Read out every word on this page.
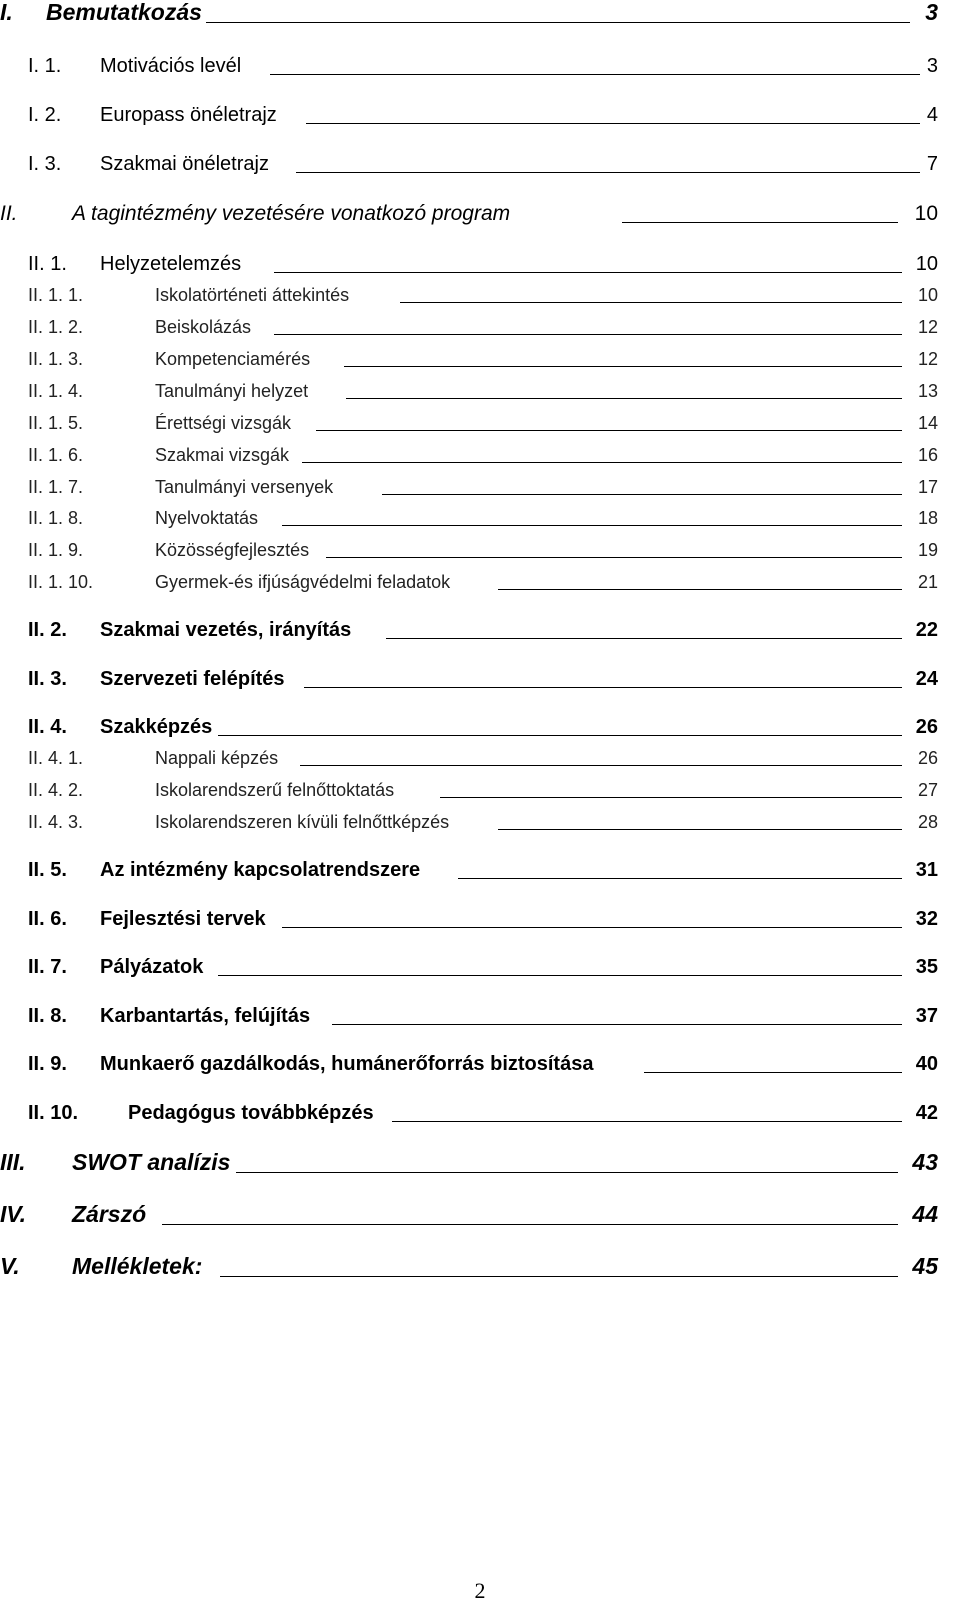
I. Bemutatkozás	3
I. 1. Motivációs levél	3
I. 2. Europass önéletrajz	4
I. 3. Szakmai önéletrajz	7
II.	A tagintézmény vezetésére vonatkozó program	10
II. 1. Helyzetelemzés	10
II. 1. 1.	Iskolatörténeti áttekintés	10
II. 1. 2.	Beiskolázás	12
II. 1. 3.	Kompetenciamérés	12
II. 1. 4.	Tanulmányi helyzet	13
II. 1. 5.	Érettségi vizsgák	14
II. 1. 6.	Szakmai vizsgák	16
II. 1. 7.	Tanulmányi versenyek	17
II. 1. 8.	Nyelvoktatás	18
II. 1. 9.	Közösségfejlesztés	19
II. 1. 10.	Gyermek-és ifjúságvédelmi feladatok	21
II. 2. Szakmai vezetés, irányítás	22
II. 3. Szervezeti felépítés	24
II. 4. Szakképzés	26
II. 4. 1.	Nappali képzés	26
II. 4. 2.	Iskolarendszerű felnőttoktatás	27
II. 4. 3.	Iskolarendszeren kívüli felnőttképzés	28
II. 5. Az intézmény kapcsolatrendszere	31
II. 6. Fejlesztési tervek	32
II. 7. Pályázatok	35
II. 8. Karbantartás, felújítás	37
II. 9. Munkaerő gazdálkodás, humánerőforrás biztosítása	40
II. 10. Pedagógus továbbképzés	42
III. SWOT analízis	43
IV. Zárszó	44
V. Mellékletek:	45
2
